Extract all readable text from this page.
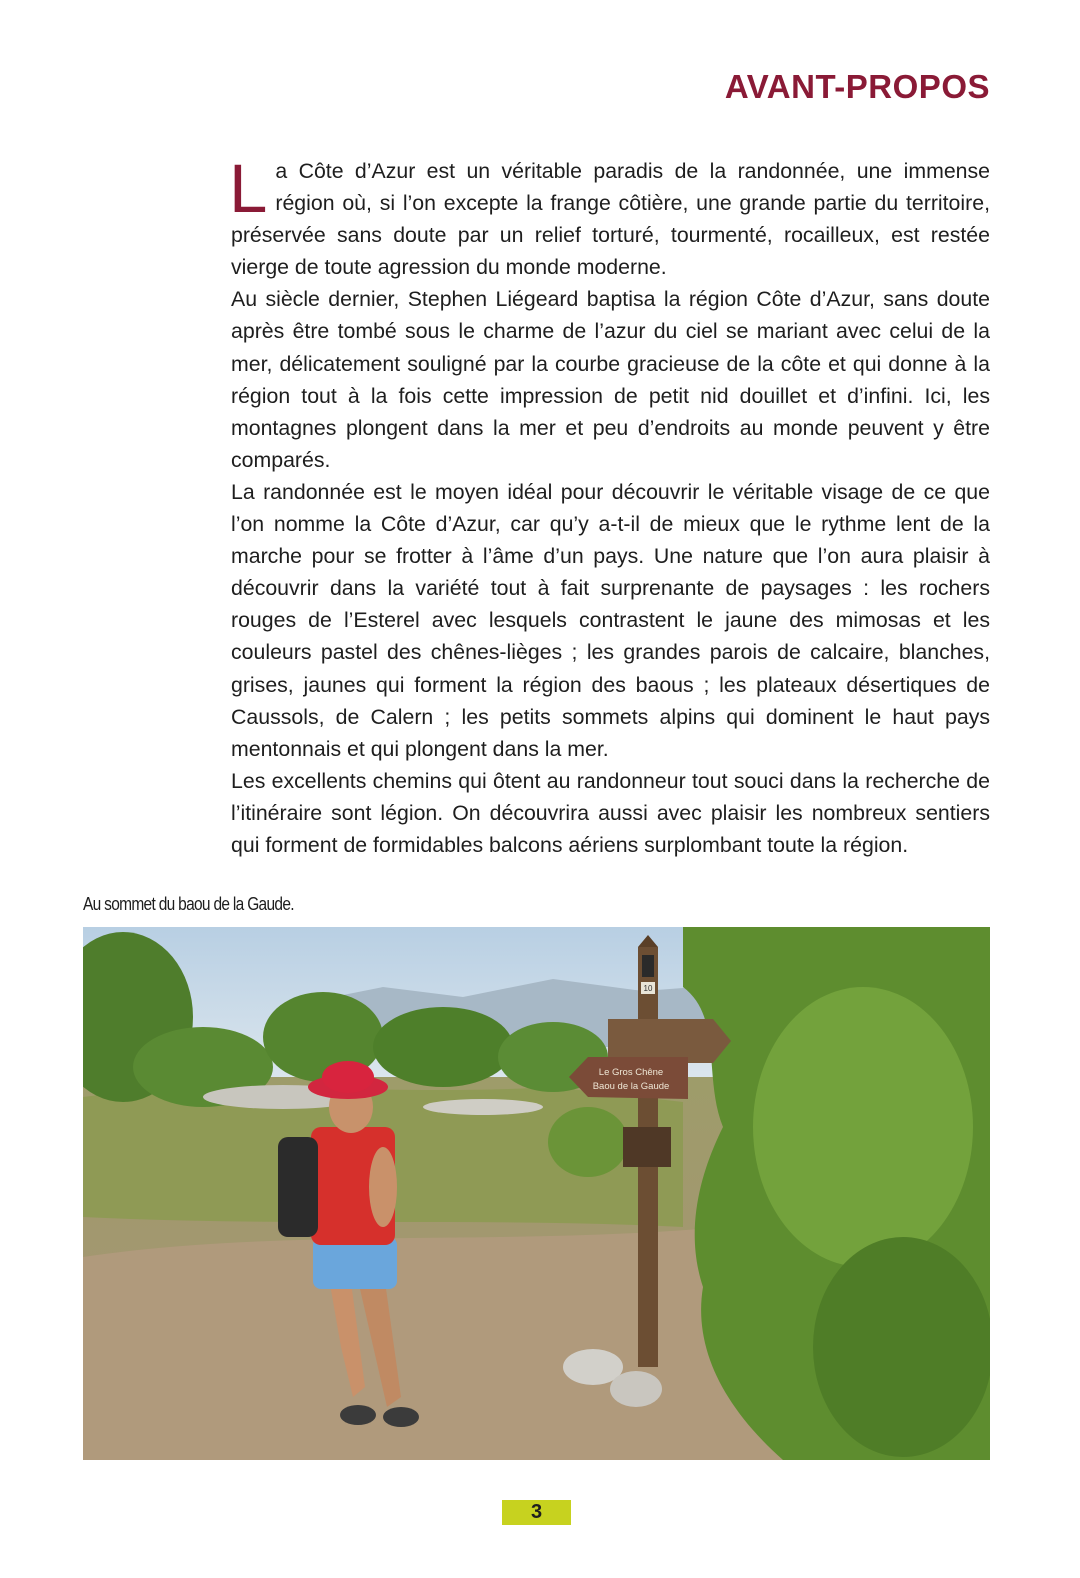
AVANT-PROPOS

La Côte d’Azur est un véritable paradis de la randonnée, une immense région où, si l’on excepte la frange côtière, une grande partie du territoire, préservée sans doute par un relief torturé, tourmenté, rocailleux, est restée vierge de toute agression du monde moderne.

Au siècle dernier, Stephen Liégeard baptisa la région Côte d’Azur, sans doute après être tombé sous le charme de l’azur du ciel se mariant avec celui de la mer, délicatement souligné par la courbe gracieuse de la côte et qui donne à la région tout à la fois cette impression de petit nid douillet et d’infini. Ici, les montagnes plongent dans la mer et peu d’endroits au monde peuvent y être comparés.

La randonnée est le moyen idéal pour découvrir le véritable visage de ce que l’on nomme la Côte d’Azur, car qu’y a-t-il de mieux que le rythme lent de la marche pour se frotter à l’âme d’un pays. Une nature que l’on aura plaisir à découvrir dans la variété tout à fait surprenante de paysages : les rochers rouges de l’Esterel avec lesquels contrastent le jaune des mimosas et les couleurs pastel des chênes-lièges ; les grandes parois de calcaire, blanches, grises, jaunes qui forment la région des baous ; les plateaux désertiques de Caussols, de Calern ; les petits sommets alpins qui dominent le haut pays mentonnais et qui plongent dans la mer.

Les excellents chemins qui ôtent au randonneur tout souci dans la recherche de l’itinéraire sont légion. On découvrira aussi avec plaisir les nombreux sentiers qui forment de formidables balcons aériens surplombant toute la région.

Au sommet du baou de la Gaude.
10
Le Gros Chêne
Baou de la Gaude
3
